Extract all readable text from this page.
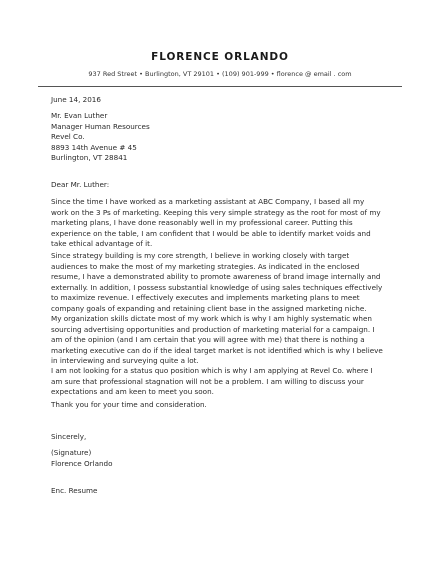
FLORENCE ORLANDO
937 Red Street • Burlington, VT 29101 • (109) 901-999 • florence @ email . com
June 14, 2016
Mr. Evan Luther
Manager Human Resources
Revel Co.
8893 14th Avenue # 45
Burlington, VT 28841
Dear Mr. Luther:
Since the time I have worked as a marketing assistant at ABC Company, I based all my
work on the 3 Ps of marketing. Keeping this very simple strategy as the root for most of my
marketing plans, I have done reasonably well in my professional career. Putting this
experience on the table, I am confident that I would be able to identify market voids and
take ethical advantage of it.
Since strategy building is my core strength, I believe in working closely with target
audiences to make the most of my marketing strategies. As indicated in the enclosed
resume, I have a demonstrated ability to promote awareness of brand image internally and
externally. In addition, I possess substantial knowledge of using sales techniques effectively
to maximize revenue. I effectively executes and implements marketing plans to meet
company goals of expanding and retaining client base in the assigned marketing niche.
My organization skills dictate most of my work which is why I am highly systematic when
sourcing advertising opportunities and production of marketing material for a campaign. I
am of the opinion (and I am certain that you will agree with me) that there is nothing a
marketing executive can do if the ideal target market is not identified which is why I believe
in interviewing and surveying quite a lot.
I am not looking for a status quo position which is why I am applying at Revel Co. where I
am sure that professional stagnation will not be a problem. I am willing to discuss your
expectations and am keen to meet you soon.
Thank you for your time and consideration.
Sincerely,
(Signature)
Florence Orlando
Enc. Resume
